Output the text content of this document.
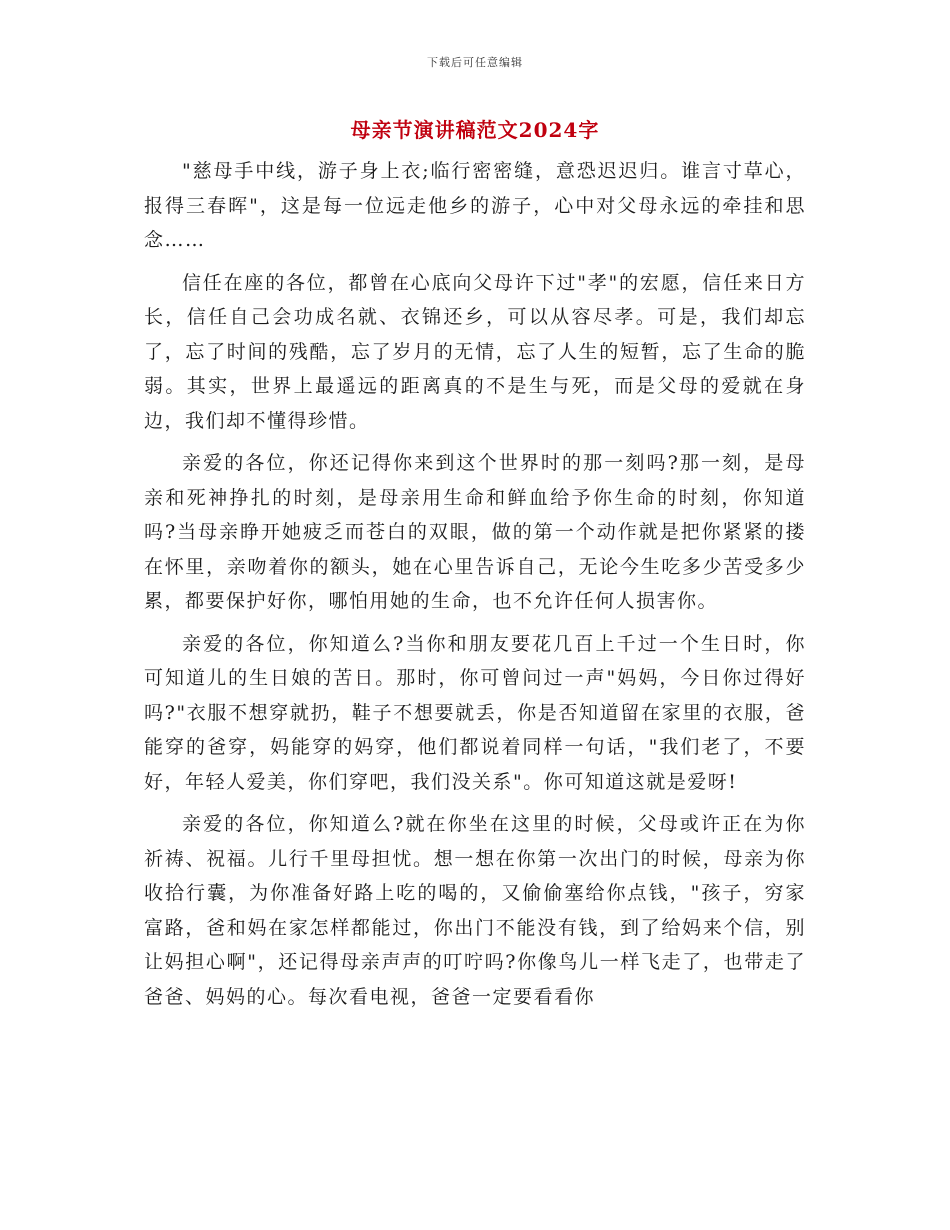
下载后可任意编辑
母亲节演讲稿范文2024字

"慈母手中线，游子身上衣;临行密密缝，意恐迟迟归。谁言寸草心，报得三春晖"，这是每一位远走他乡的游子，心中对父母永远的牵挂和思念……

信任在座的各位，都曾在心底向父母许下过"孝"的宏愿，信任来日方长，信任自己会功成名就、衣锦还乡，可以从容尽孝。可是，我们却忘了，忘了时间的残酷，忘了岁月的无情，忘了人生的短暂，忘了生命的脆弱。其实，世界上最遥远的距离真的不是生与死，而是父母的爱就在身边，我们却不懂得珍惜。

亲爱的各位，你还记得你来到这个世界时的那一刻吗?那一刻，是母亲和死神挣扎的时刻，是母亲用生命和鲜血给予你生命的时刻，你知道吗?当母亲睁开她疲乏而苍白的双眼，做的第一个动作就是把你紧紧的搂在怀里，亲吻着你的额头，她在心里告诉自己，无论今生吃多少苦受多少累，都要保护好你，哪怕用她的生命，也不允许任何人损害你。

亲爱的各位，你知道么?当你和朋友要花几百上千过一个生日时，你可知道儿的生日娘的苦日。那时，你可曾问过一声"妈妈，今日你过得好吗?"衣服不想穿就扔，鞋子不想要就丢，你是否知道留在家里的衣服，爸能穿的爸穿，妈能穿的妈穿，他们都说着同样一句话，"我们老了，不要好，年轻人爱美，你们穿吧，我们没关系"。你可知道这就是爱呀!

亲爱的各位，你知道么?就在你坐在这里的时候，父母或许正在为你祈祷、祝福。儿行千里母担忧。想一想在你第一次出门的时候，母亲为你收拾行囊，为你准备好路上吃的喝的，又偷偷塞给你点钱，"孩子，穷家富路，爸和妈在家怎样都能过，你出门不能没有钱，到了给妈来个信，别让妈担心啊"，还记得母亲声声的叮咛吗?你像鸟儿一样飞走了，也带走了爸爸、妈妈的心。每次看电视，爸爸一定要看看你
